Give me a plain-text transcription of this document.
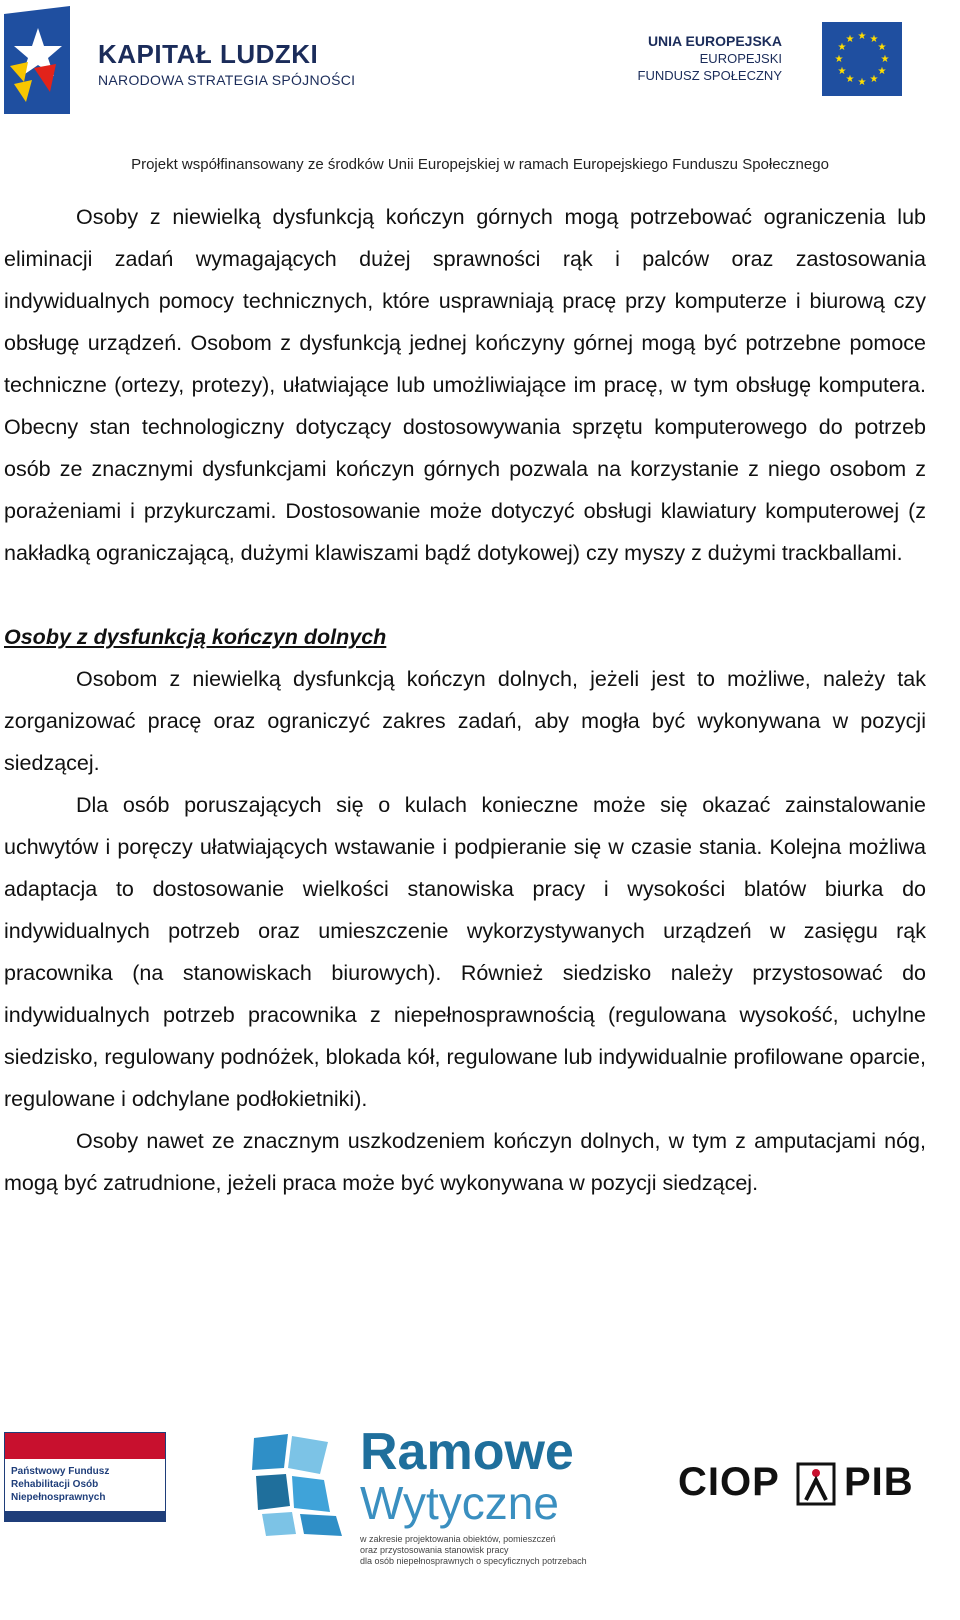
KAPITAŁ LUDZKI
NARODOWA STRATEGIA SPÓJNOŚCI
UNIA EUROPEJSKA
EUROPEJSKI
FUNDUSZ SPOŁECZNY
★ ★
★
★
★
★
★
★
★
★
★
★
Projekt współfinansowany ze środków Unii Europejskiej w ramach Europejskiego Funduszu Społecznego

Osoby z niewielką dysfunkcją kończyn górnych mogą potrzebować ograniczenia lub eliminacji zadań wymagających dużej sprawności rąk i palców oraz zastosowania indywidualnych pomocy technicznych, które usprawniają pracę przy komputerze i biurową czy obsługę urządzeń. Osobom z dysfunkcją jednej kończyny górnej mogą być potrzebne pomoce techniczne (ortezy, protezy), ułatwiające lub umożliwiające im pracę, w tym obsługę komputera. Obecny stan technologiczny dotyczący dostosowywania sprzętu komputerowego do potrzeb osób ze znacznymi dysfunkcjami kończyn górnych pozwala na korzystanie z niego osobom z porażeniami i przykurczami. Dostosowanie może dotyczyć obsługi klawiatury komputerowej (z nakładką ograniczającą, dużymi klawiszami bądź dotykowej) czy myszy z dużymi trackballami.

Osoby z dysfunkcją kończyn dolnych

Osobom z niewielką dysfunkcją kończyn dolnych, jeżeli jest to możliwe, należy tak zorganizować pracę oraz ograniczyć zakres zadań, aby mogła być wykonywana w pozycji siedzącej.

Dla osób poruszających się o kulach konieczne może się okazać zainstalowanie uchwytów i poręczy ułatwiających wstawanie i podpieranie się w czasie stania. Kolejna możliwa adaptacja to dostosowanie wielkości stanowiska pracy i wysokości blatów biurka do indywidualnych potrzeb oraz umieszczenie wykorzystywanych urządzeń w zasięgu rąk pracownika (na stanowiskach biurowych). Również siedzisko należy przystosować do indywidualnych potrzeb pracownika z niepełnosprawnością (regulowana wysokość, uchylne siedzisko, regulowany podnóżek, blokada kół, regulowane lub indywidualnie profilowane oparcie, regulowane i odchylane podłokietniki).

Osoby nawet ze znacznym uszkodzeniem kończyn dolnych, w tym z amputacjami nóg, mogą być zatrudnione, jeżeli praca może być wykonywana w pozycji siedzącej.

Państwowy Fundusz
Rehabilitacji Osób
Niepełnosprawnych
Ramowe
Wytyczne
w zakresie projektowania obiektów, pomieszczeń
oraz przystosowania stanowisk pracy
dla osób niepełnosprawnych o specyficznych potrzebach
CIOP PIB
